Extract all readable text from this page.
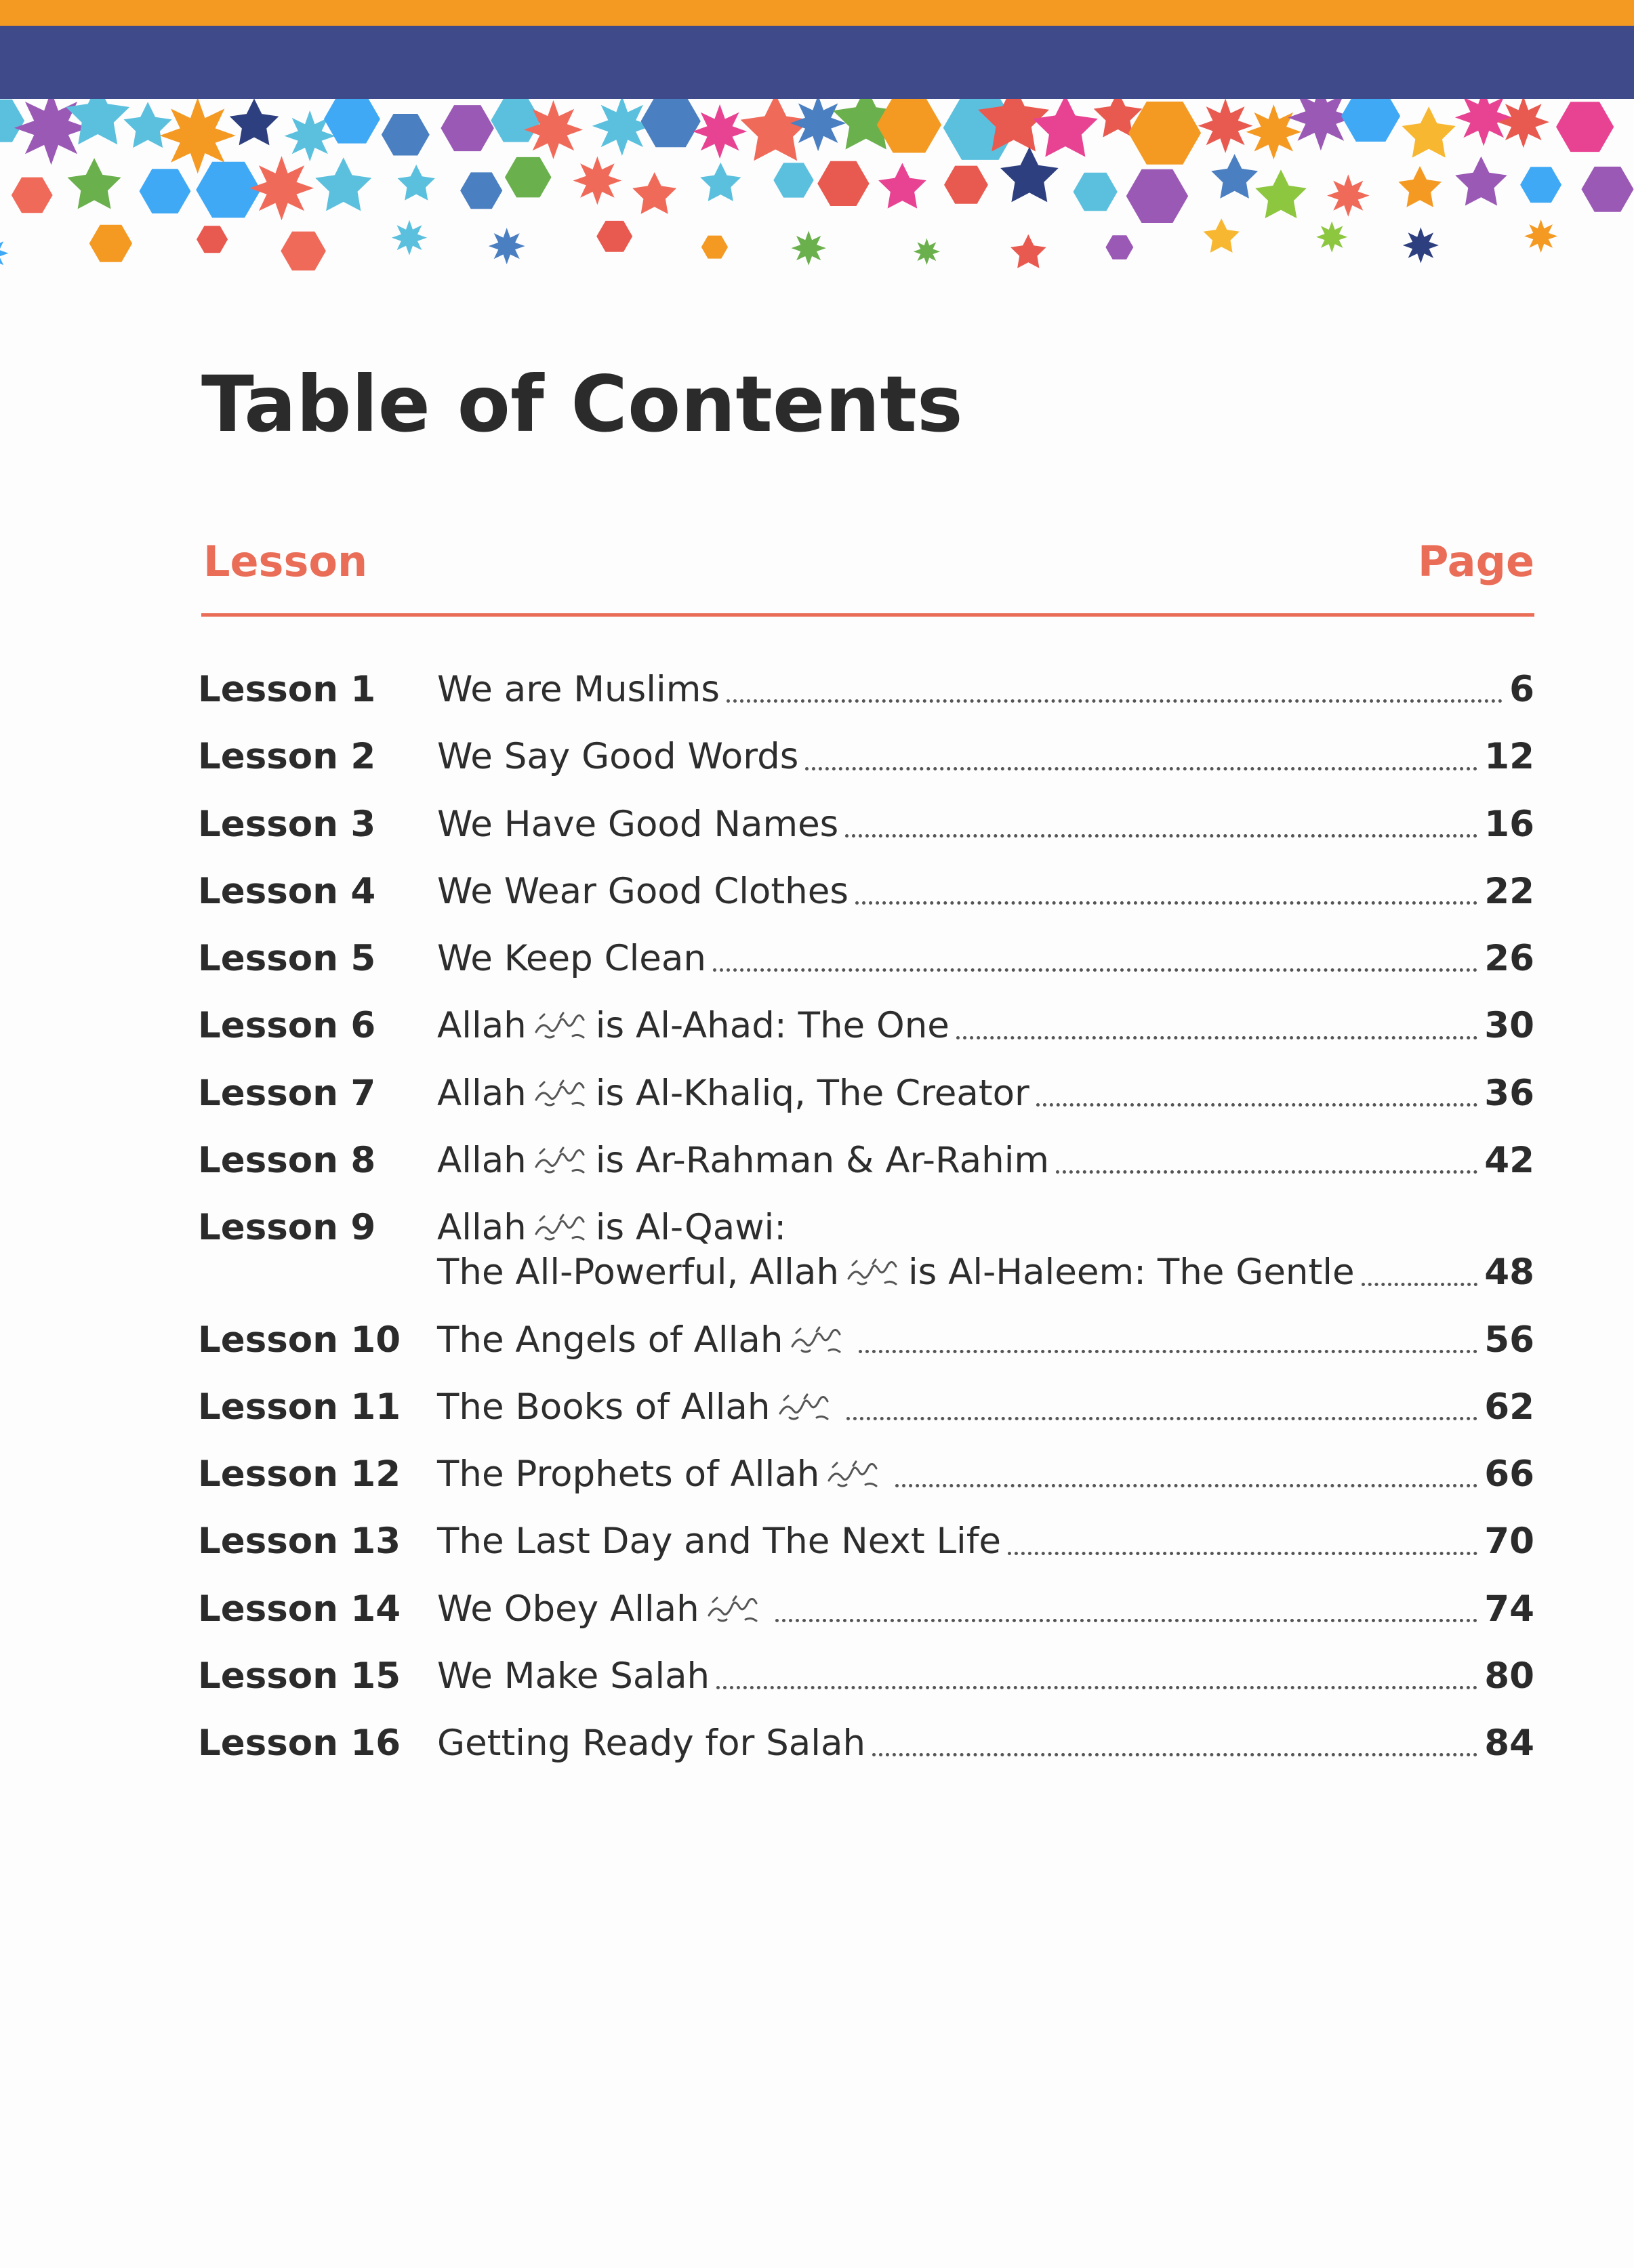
Table of Contents
Lesson	Page
Lesson 1	We are Muslims	6
Lesson 2	We Say Good Words	12
Lesson 3	We Have Good Names	16
Lesson 4	We Wear Good Clothes	22
Lesson 5	We Keep Clean	26
Lesson 6	Allah is Al-Ahad: The One	30
Lesson 7	Allah is Al-Khaliq, The Creator	36
Lesson 8	Allah is Ar-Rahman & Ar-Rahim	42
Lesson 9	Allah is Al-Qawi:
The All-Powerful, Allah is Al-Haleem: The Gentle	48
Lesson 10	The Angels of Allah	56
Lesson 11	The Books of Allah	62
Lesson 12	The Prophets of Allah	66
Lesson 13	The Last Day and The Next Life	70
Lesson 14	We Obey Allah	74
Lesson 15	We Make Salah	80
Lesson 16	Getting Ready for Salah	84
